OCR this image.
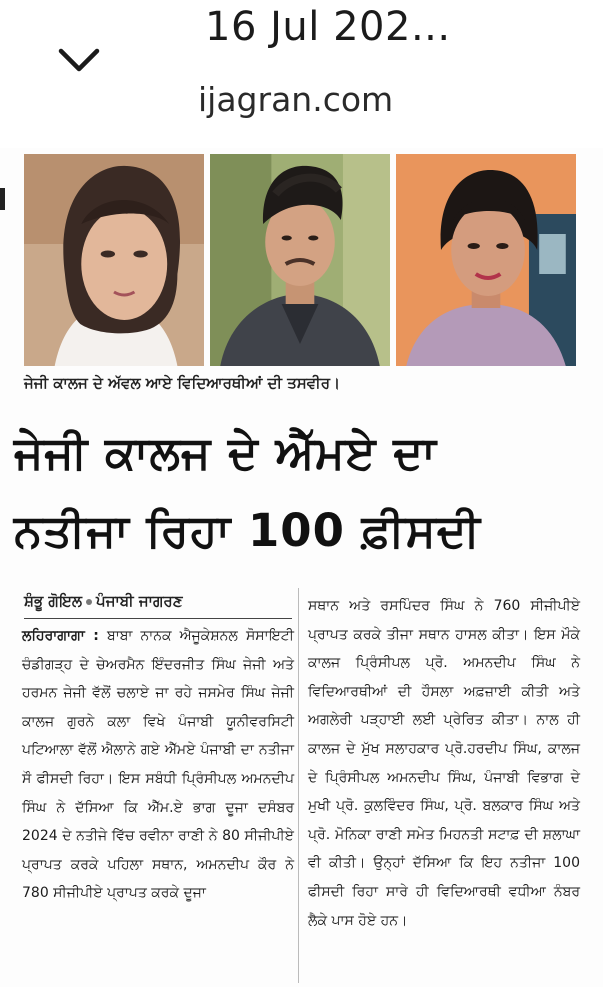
16 Jul 202...
​ijagran.com
ਜੇਜੀ ਕਾਲਜ ਦੇ ਅੱਵਲ ਆਏ ਵਿਦਿਆਰਥੀਆਂ ਦੀ ਤਸਵੀਰ।
ਜੇਜੀ ਕਾਲਜ ਦੇ ਐੱਮਏ ਦਾ
ਨਤੀਜਾ ਰਿਹਾ 100 ਫ਼ੀਸਦੀ
ਸ਼ੰਭੂ ਗੋਇਲ ਪੰਜਾਬੀ ਜਾਗਰਣ

ਲਹਿਰਾਗਾਗਾ : ਬਾਬਾ ਨਾਨਕ ਐਜੂਕੇਸ਼ਨਲ ਸੋਸਾਇਟੀ ਚੰਡੀਗੜ੍ਹ ਦੇ ਚੇਅਰਮੈਨ ਇੰਦਰਜੀਤ ਸਿੰਘ ਜੇਜੀ ਅਤੇ ਹਰਮਨ ਜੇਜੀ ਵੱਲੋਂ ਚਲਾਏ ਜਾ ਰਹੇ ਜਸਮੇਰ ਸਿੰਘ ਜੇਜੀ ਕਾਲਜ ਗੁਰਨੇ ਕਲਾ ਵਿਖੇ ਪੰਜਾਬੀ ਯੂਨੀਵਰਸਿਟੀ ਪਟਿਆਲਾ ਵੱਲੋਂ ਐਲਾਨੇ ਗਏ ਐੱਮਏ ਪੰਜਾਬੀ ਦਾ ਨਤੀਜਾ ਸੌ ਫੀਸਦੀ ਰਿਹਾ। ਇਸ ਸਬੰਧੀ ਪ੍ਰਿੰਸੀਪਲ ਅਮਨਦੀਪ ਸਿੰਘ ਨੇ ਦੱਸਿਆ ਕਿ ਐੱਮ.ਏ ਭਾਗ ਦੂਜਾ ਦਸੰਬਰ 2024 ਦੇ ਨਤੀਜੇ ਵਿੱਚ ਰਵੀਨਾ ਰਾਣੀ ਨੇ 80 ਸੀਜੀਪੀਏ ਪ੍ਰਾਪਤ ਕਰਕੇ ਪਹਿਲਾ ਸਥਾਨ, ਅਮਨਦੀਪ ਕੌਰ ਨੇ 780 ਸੀਜੀਪੀਏ ਪ੍ਰਾਪਤ ਕਰਕੇ ਦੂਜਾ

ਸਥਾਨ ਅਤੇ ਰਸਪਿੰਦਰ ਸਿੰਘ ਨੇ 760 ਸੀਜੀਪੀਏ ਪ੍ਰਾਪਤ ਕਰਕੇ ਤੀਜਾ ਸਥਾਨ ਹਾਸਲ ਕੀਤਾ। ਇਸ ਮੌਕੇ ਕਾਲਜ ਪ੍ਰਿੰਸੀਪਲ ਪ੍ਰੋ. ਅਮਨਦੀਪ ਸਿੰਘ ਨੇ ਵਿਦਿਆਰਥੀਆਂ ਦੀ ਹੌਸਲਾ ਅਫ਼ਜ਼ਾਈ ਕੀਤੀ ਅਤੇ ਅਗਲੇਰੀ ਪੜ੍ਹਾਈ ਲਈ ਪ੍ਰੇਰਿਤ ਕੀਤਾ। ਨਾਲ ਹੀ ਕਾਲਜ ਦੇ ਮੁੱਖ ਸਲਾਹਕਾਰ ਪ੍ਰੋ.ਹਰਦੀਪ ਸਿੰਘ, ਕਾਲਜ ਦੇ ਪ੍ਰਿੰਸੀਪਲ ਅਮਨਦੀਪ ਸਿੰਘ, ਪੰਜਾਬੀ ਵਿਭਾਗ ਦੇ ਮੁਖੀ ਪ੍ਰੋ. ਕੁਲਵਿੰਦਰ ਸਿੰਘ, ਪ੍ਰੋ. ਬਲਕਾਰ ਸਿੰਘ ਅਤੇ ਪ੍ਰੋ. ਮੋਨਿਕਾ ਰਾਣੀ ਸਮੇਤ ਮਿਹਨਤੀ ਸਟਾਫ਼ ਦੀ ਸ਼ਲਾਘਾ ਵੀ ਕੀਤੀ। ਉਨ੍ਹਾਂ ਦੱਸਿਆ ਕਿ ਇਹ ਨਤੀਜਾ 100 ਫੀਸਦੀ ਰਿਹਾ ਸਾਰੇ ਹੀ ਵਿਦਿਆਰਥੀ ਵਧੀਆ ਨੰਬਰ ਲੈਕੇ ਪਾਸ ਹੋਏ ਹਨ।
